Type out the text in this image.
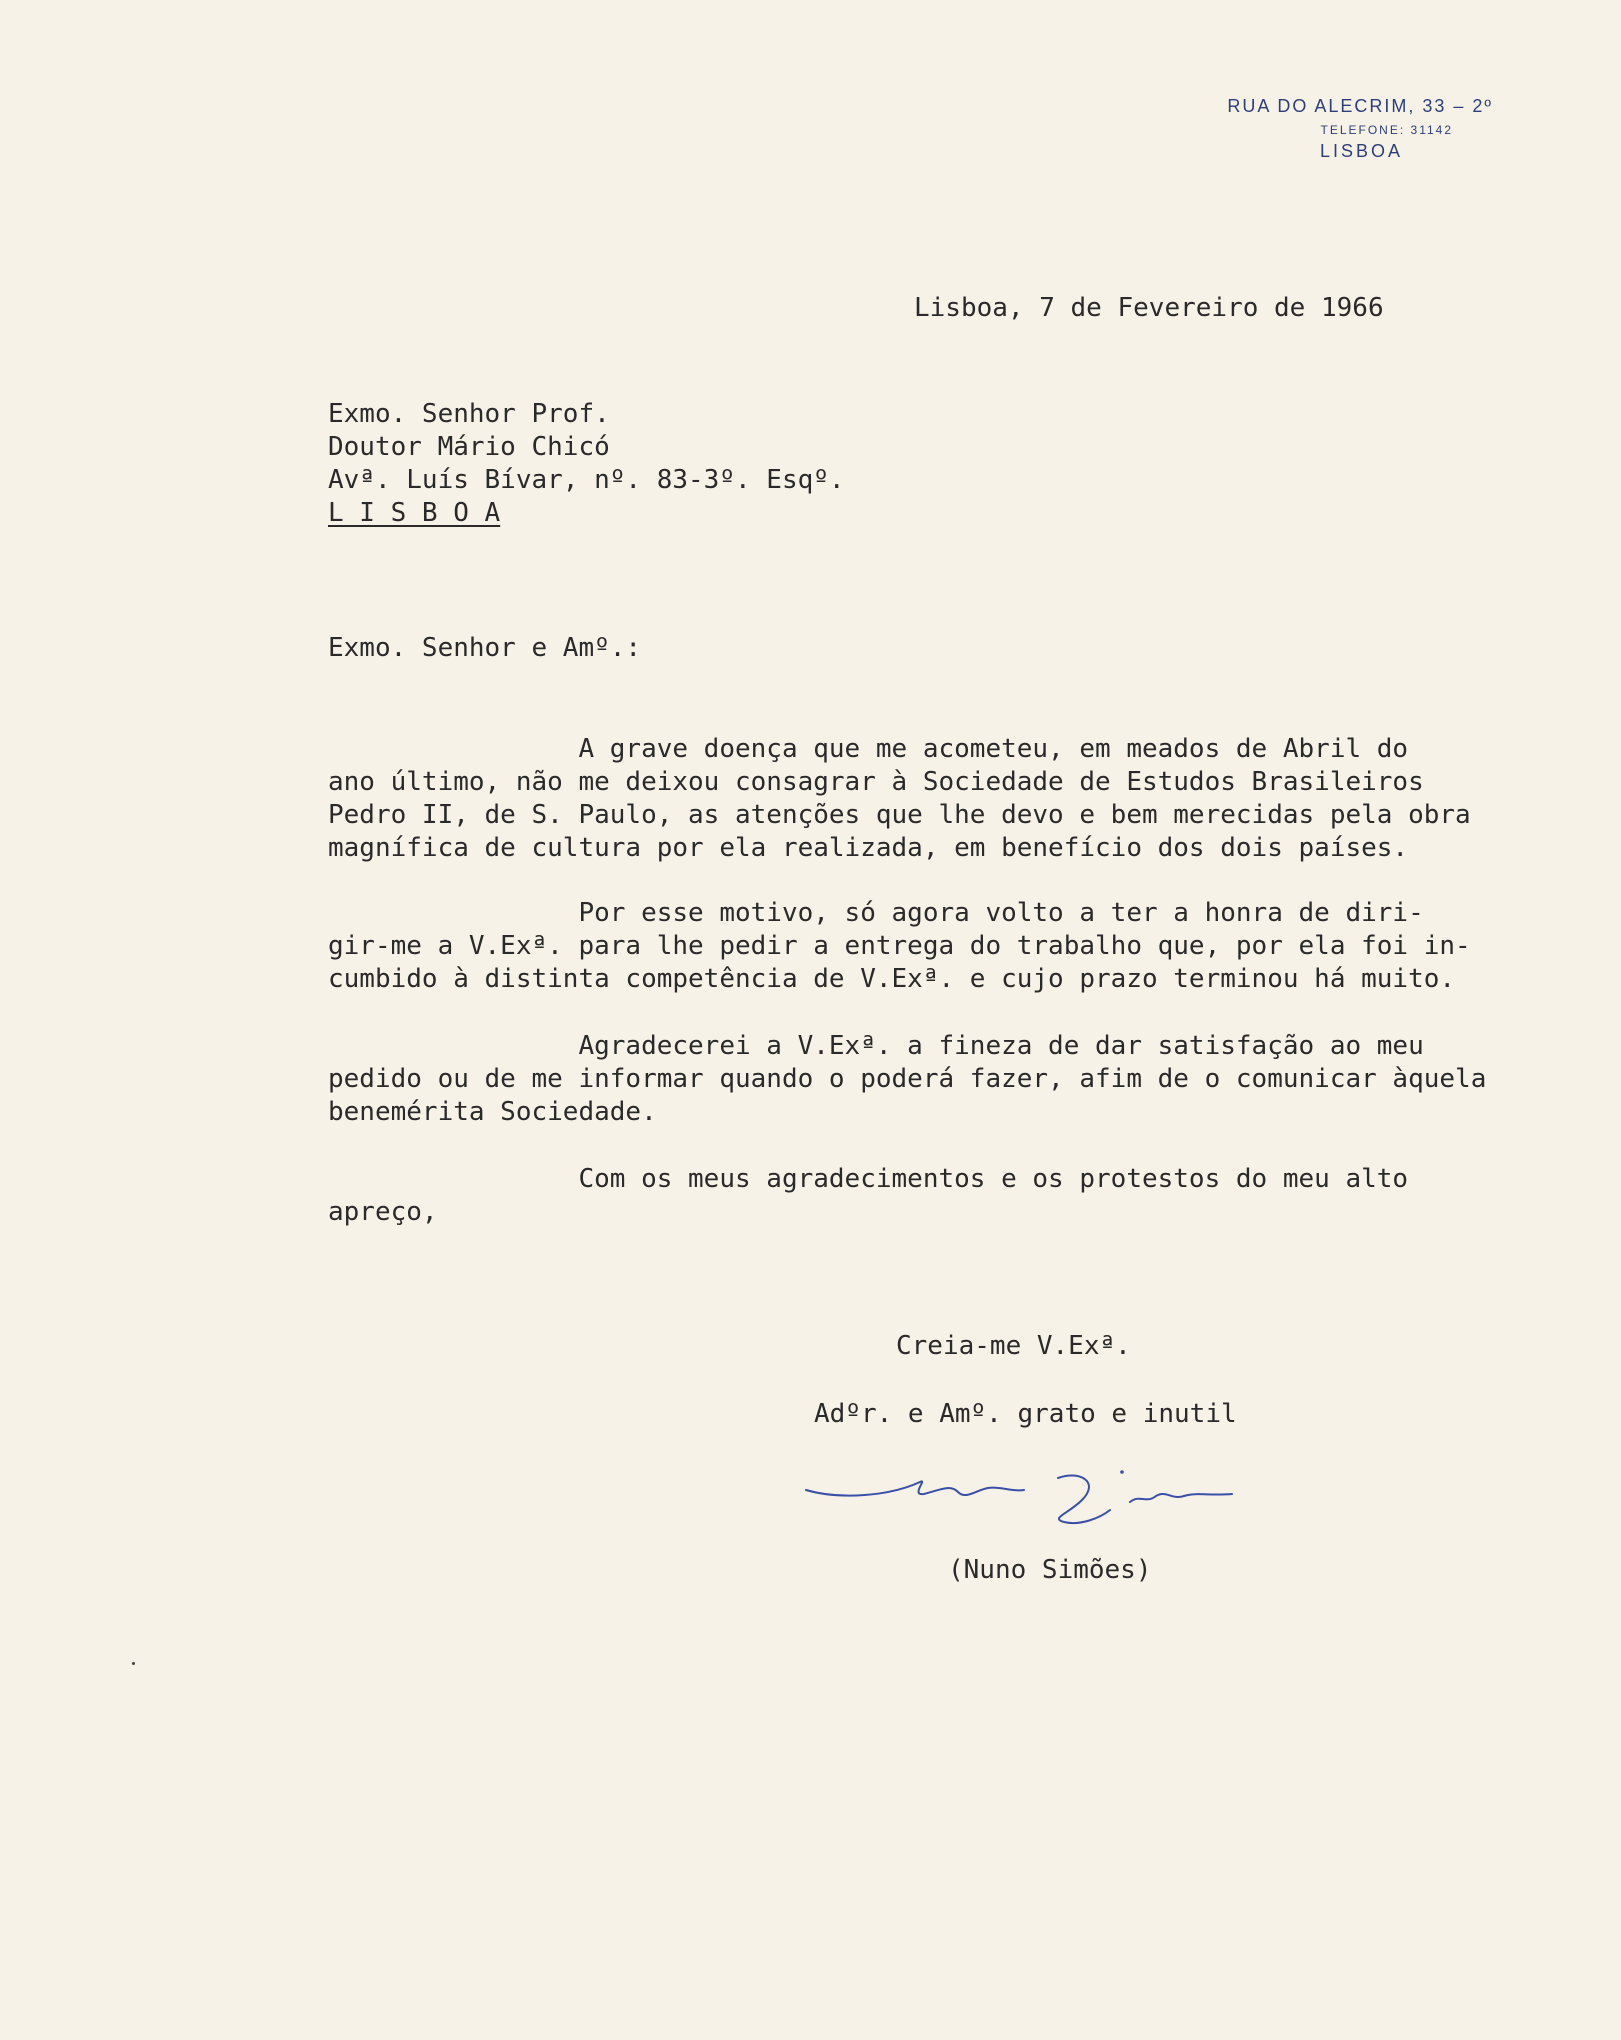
RUA DO ALECRIM, 33 – 2º
TELEFONE: 31142
LISBOA
Lisboa, 7 de Fevereiro de 1966
Exmo. Senhor Prof.
Doutor Mário Chicó
Avª. Luís Bívar, nº. 83-3º. Esqº.
L I S B O A
Exmo. Senhor e Amº.:
A grave doença que me acometeu, em meados de Abril do
ano último, não me deixou consagrar à Sociedade de Estudos Brasileiros
Pedro II, de S. Paulo, as atenções que lhe devo e bem merecidas pela obra
magnífica de cultura por ela realizada, em benefício dos dois países.
Por esse motivo, só agora volto a ter a honra de diri-
gir-me a V.Exª. para lhe pedir a entrega do trabalho que, por ela foi in-
cumbido à distinta competência de V.Exª. e cujo prazo terminou há muito.
Agradecerei a V.Exª. a fineza de dar satisfação ao meu
pedido ou de me informar quando o poderá fazer, afim de o comunicar àquela
benemérita Sociedade.
Com os meus agradecimentos e os protestos do meu alto
apreço,
Creia-me V.Exª.
Adºr. e Amº. grato e inutil
(Nuno Simões)
